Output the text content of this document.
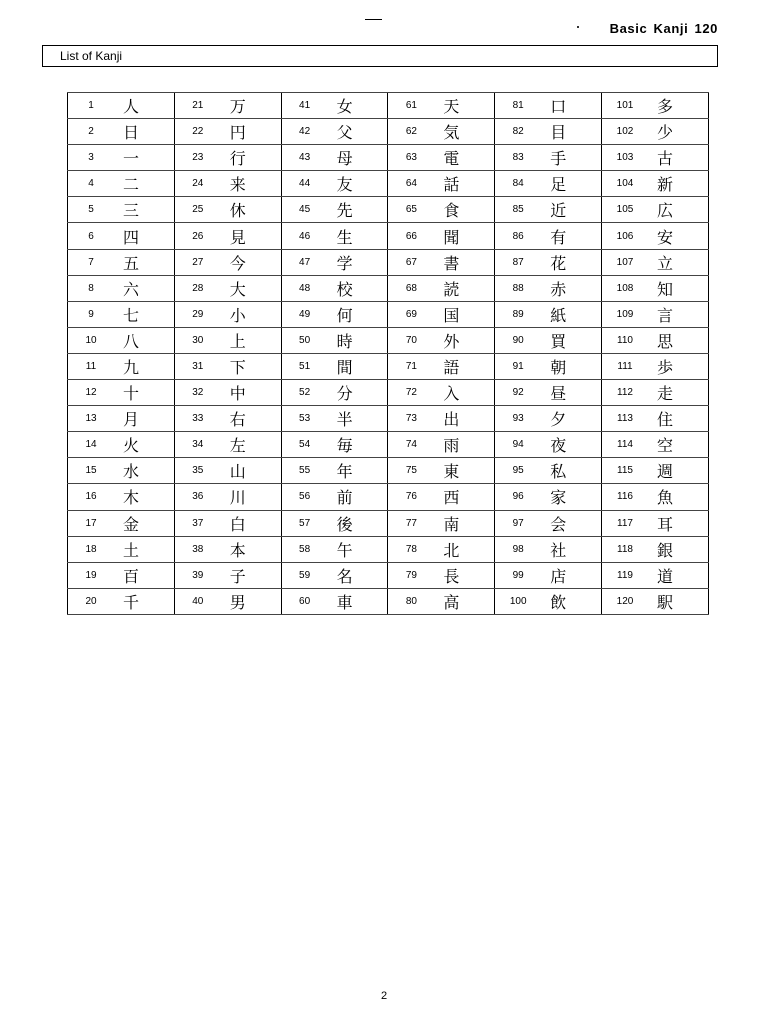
Basic Kanji 120
List of Kanji
1	人	21	万	41	女	61	天	81	口	101	多
2	日	22	円	42	父	62	気	82	目	102	少
3	一	23	行	43	母	63	電	83	手	103	古
4	二	24	来	44	友	64	話	84	足	104	新
5	三	25	休	45	先	65	食	85	近	105	広
6	四	26	見	46	生	66	聞	86	有	106	安
7	五	27	今	47	学	67	書	87	花	107	立
8	六	28	大	48	校	68	読	88	赤	108	知
9	七	29	小	49	何	69	国	89	紙	109	言
10	八	30	上	50	時	70	外	90	買	110	思
11	九	31	下	51	間	71	語	91	朝	111	歩
12	十	32	中	52	分	72	入	92	昼	112	走
13	月	33	右	53	半	73	出	93	夕	113	住
14	火	34	左	54	毎	74	雨	94	夜	114	空
15	水	35	山	55	年	75	東	95	私	115	週
16	木	36	川	56	前	76	西	96	家	116	魚
17	金	37	白	57	後	77	南	97	会	117	耳
18	土	38	本	58	午	78	北	98	社	118	銀
19	百	39	子	59	名	79	長	99	店	119	道
20	千	40	男	60	車	80	高	100	飲	120	駅
2
